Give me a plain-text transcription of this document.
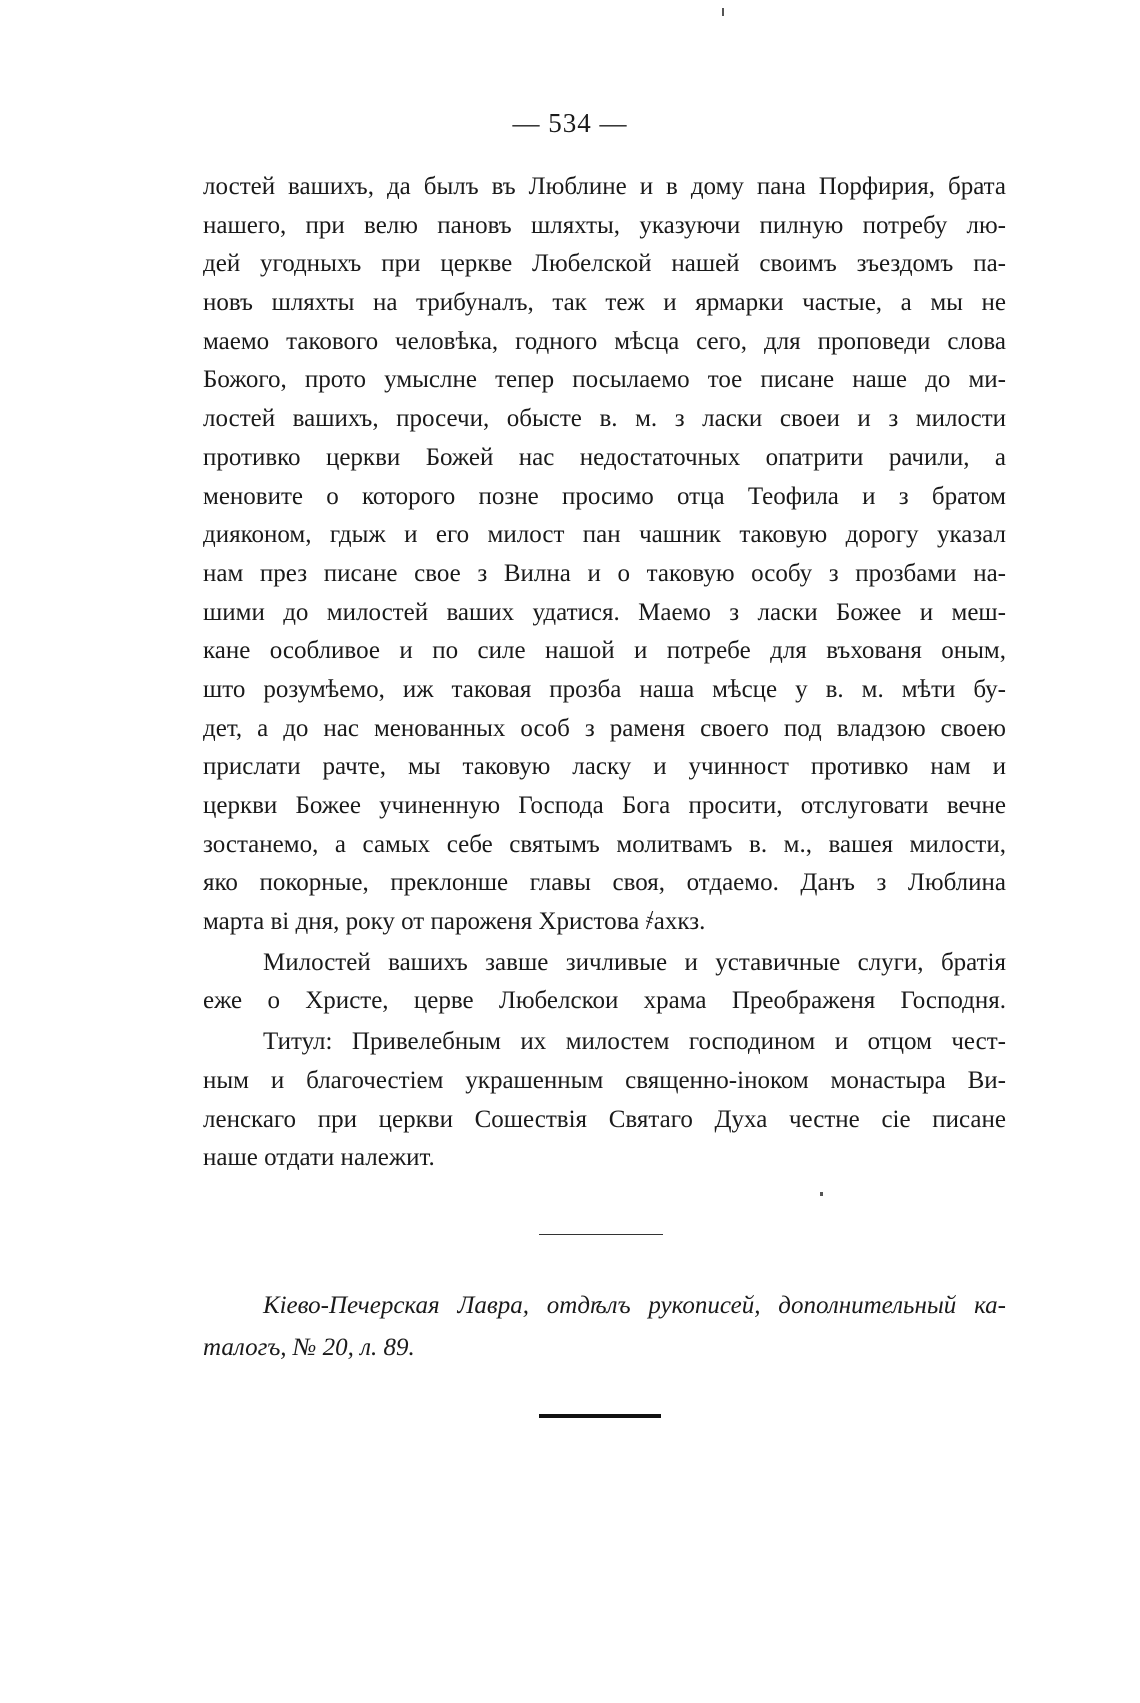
— 534 —
лостей вашихъ, да былъ въ Люблине и в дому пана Порфирия, брата
нашего, при велю пановъ шляхты, указуючи пилную потребу лю-
дей угодныхъ при церкве Любелской нашей своимъ зъездомъ па-
новъ шляхты на трибуналъ, так теж и ярмарки частые, а мы не
маемо такового человѣка, годного мѣсца сего, для проповеди слова
Божого, прото умыслне тепер посылаемо тое писане наше до ми-
лостей вашихъ, просечи, обысте в. м. з ласки своеи и з милости
противко церкви Божей нас недостаточных опатрити рачили, а
меновите о которого позне просимо отца Теофила и з братом
дияконом, гдыж и его милост пан чашник таковую дорогу указал
нам през писане свое з Вилна и о таковую особу з прозбами на-
шими до милостей ваших удатися. Маемо з ласки Божее и меш-
кане особливое и по силе нашой и потребе для въхованя оным,
што розумѣемо, иж таковая прозба наша мѣсце у в. м. мѣти бу-
дет, а до нас менованных особ з раменя своего под владзою своею
прислати рачте, мы таковую ласку и учинност противко нам и
церкви Божее учиненную Господа Бога просити, отслуговати вечне
зостанемо, а самых себе святымъ молитвамъ в. м., вашея милости,
яко покорные, преклонше главы своя, отдаемо. Данъ з Люблина
марта ві дня, року от пароженя Христова ҂ахкз.
Милостей вашихъ завше зичливые и уставичные слуги, братія
еже о Христе, церве Любелскои храма Преображеня Господня.
Титул: Привелебным их милостем господином и отцом чест-
ным и благочестіем украшенным священно-іноком монастыра Ви-
ленскаго при церкви Сошествія Святаго Духа честне сіе писане
наше отдати належит.
Кіево-Печерская Лавра, отдѣлъ рукописей, дополнительный ка-
талогъ, № 20, л. 89.
